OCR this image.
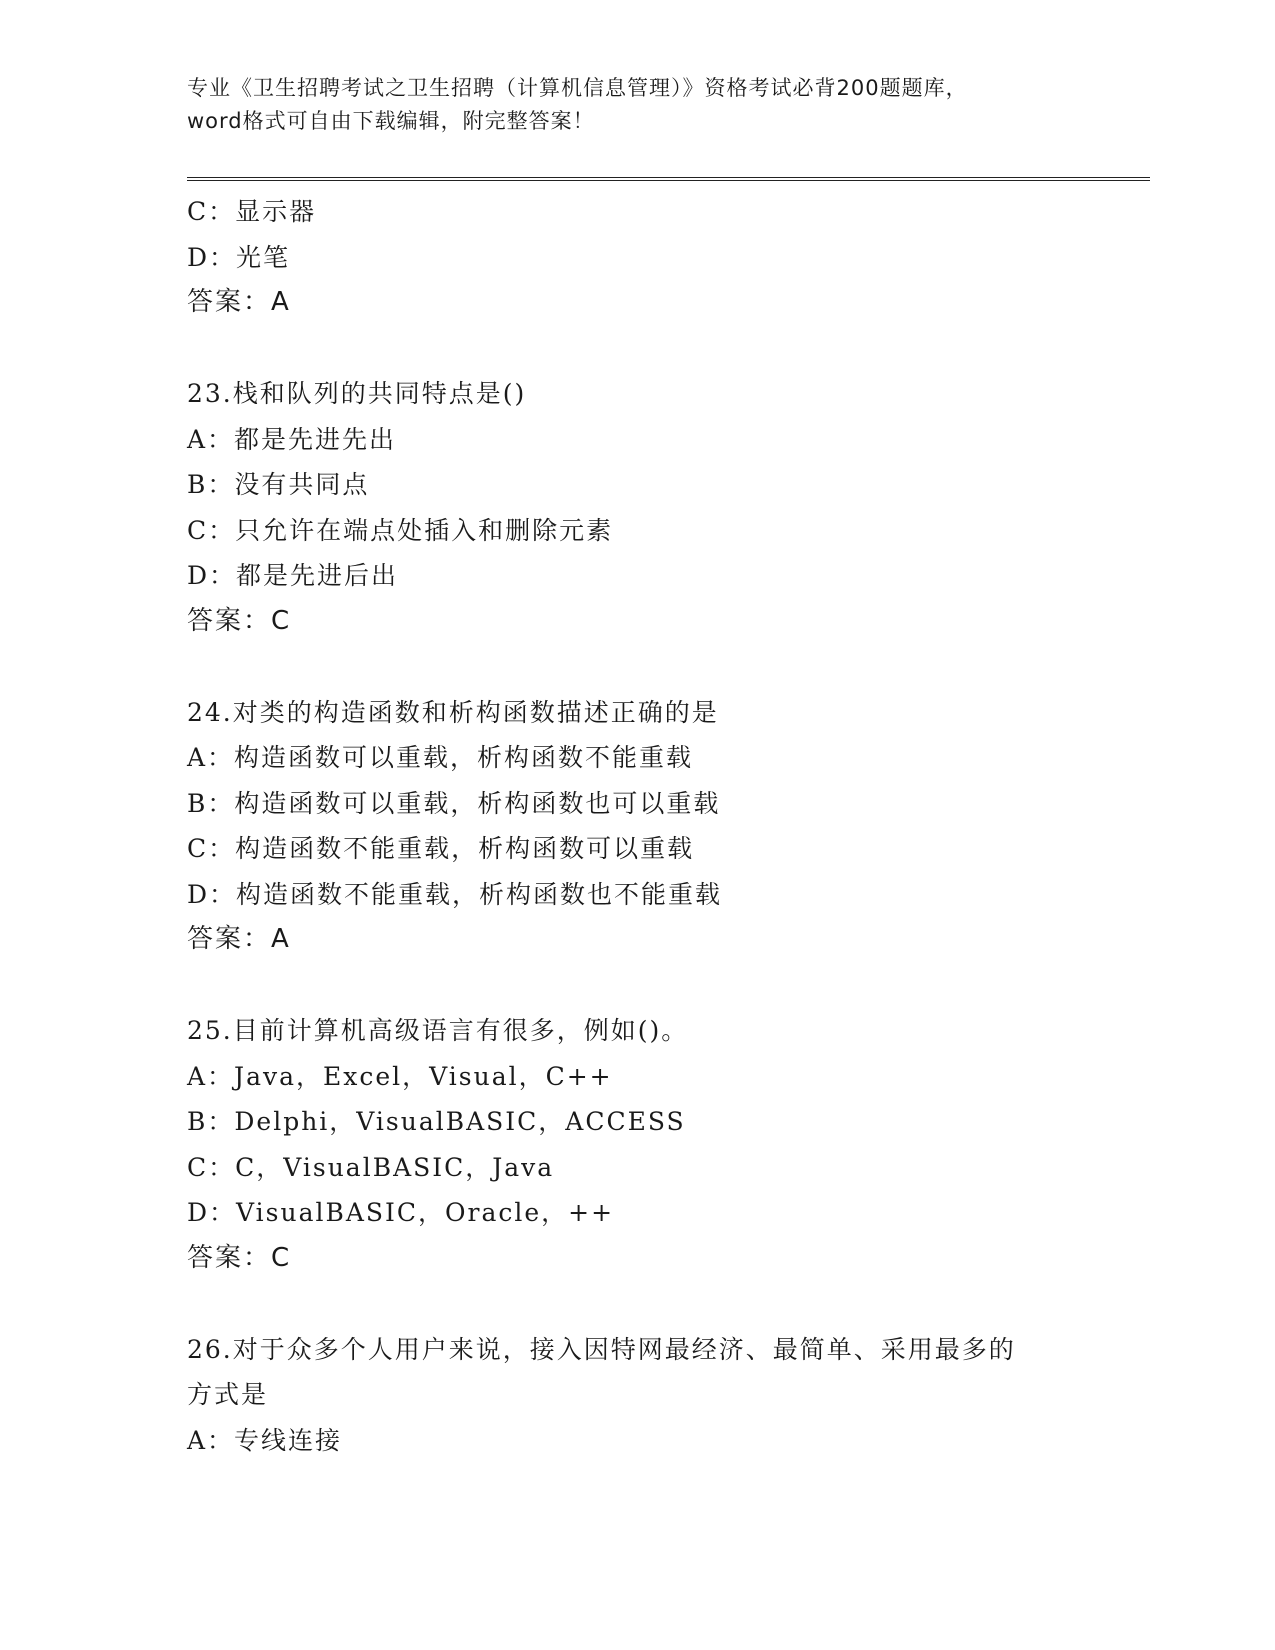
专业《卫生招聘考试之卫生招聘（计算机信息管理）》资格考试必背200题题库，
word格式可自由下载编辑，附完整答案！
C：显示器
D：光笔
答案：A
23.栈和队列的共同特点是()
A：都是先进先出
B：没有共同点
C：只允许在端点处插入和删除元素
D：都是先进后出
答案：C
24.对类的构造函数和析构函数描述正确的是
A：构造函数可以重载，析构函数不能重载
B：构造函数可以重载，析构函数也可以重载
C：构造函数不能重载，析构函数可以重载
D：构造函数不能重载，析构函数也不能重载
答案：A
25.目前计算机高级语言有很多，例如()。
A：Java，Excel，Visual，C++
B：Delphi，VisualBASIC，ACCESS
C：C，VisualBASIC，Java
D：VisualBASIC，Oracle，++
答案：C
26.对于众多个人用户来说，接入因特网最经济、最简单、采用最多的
方式是
A：专线连接
